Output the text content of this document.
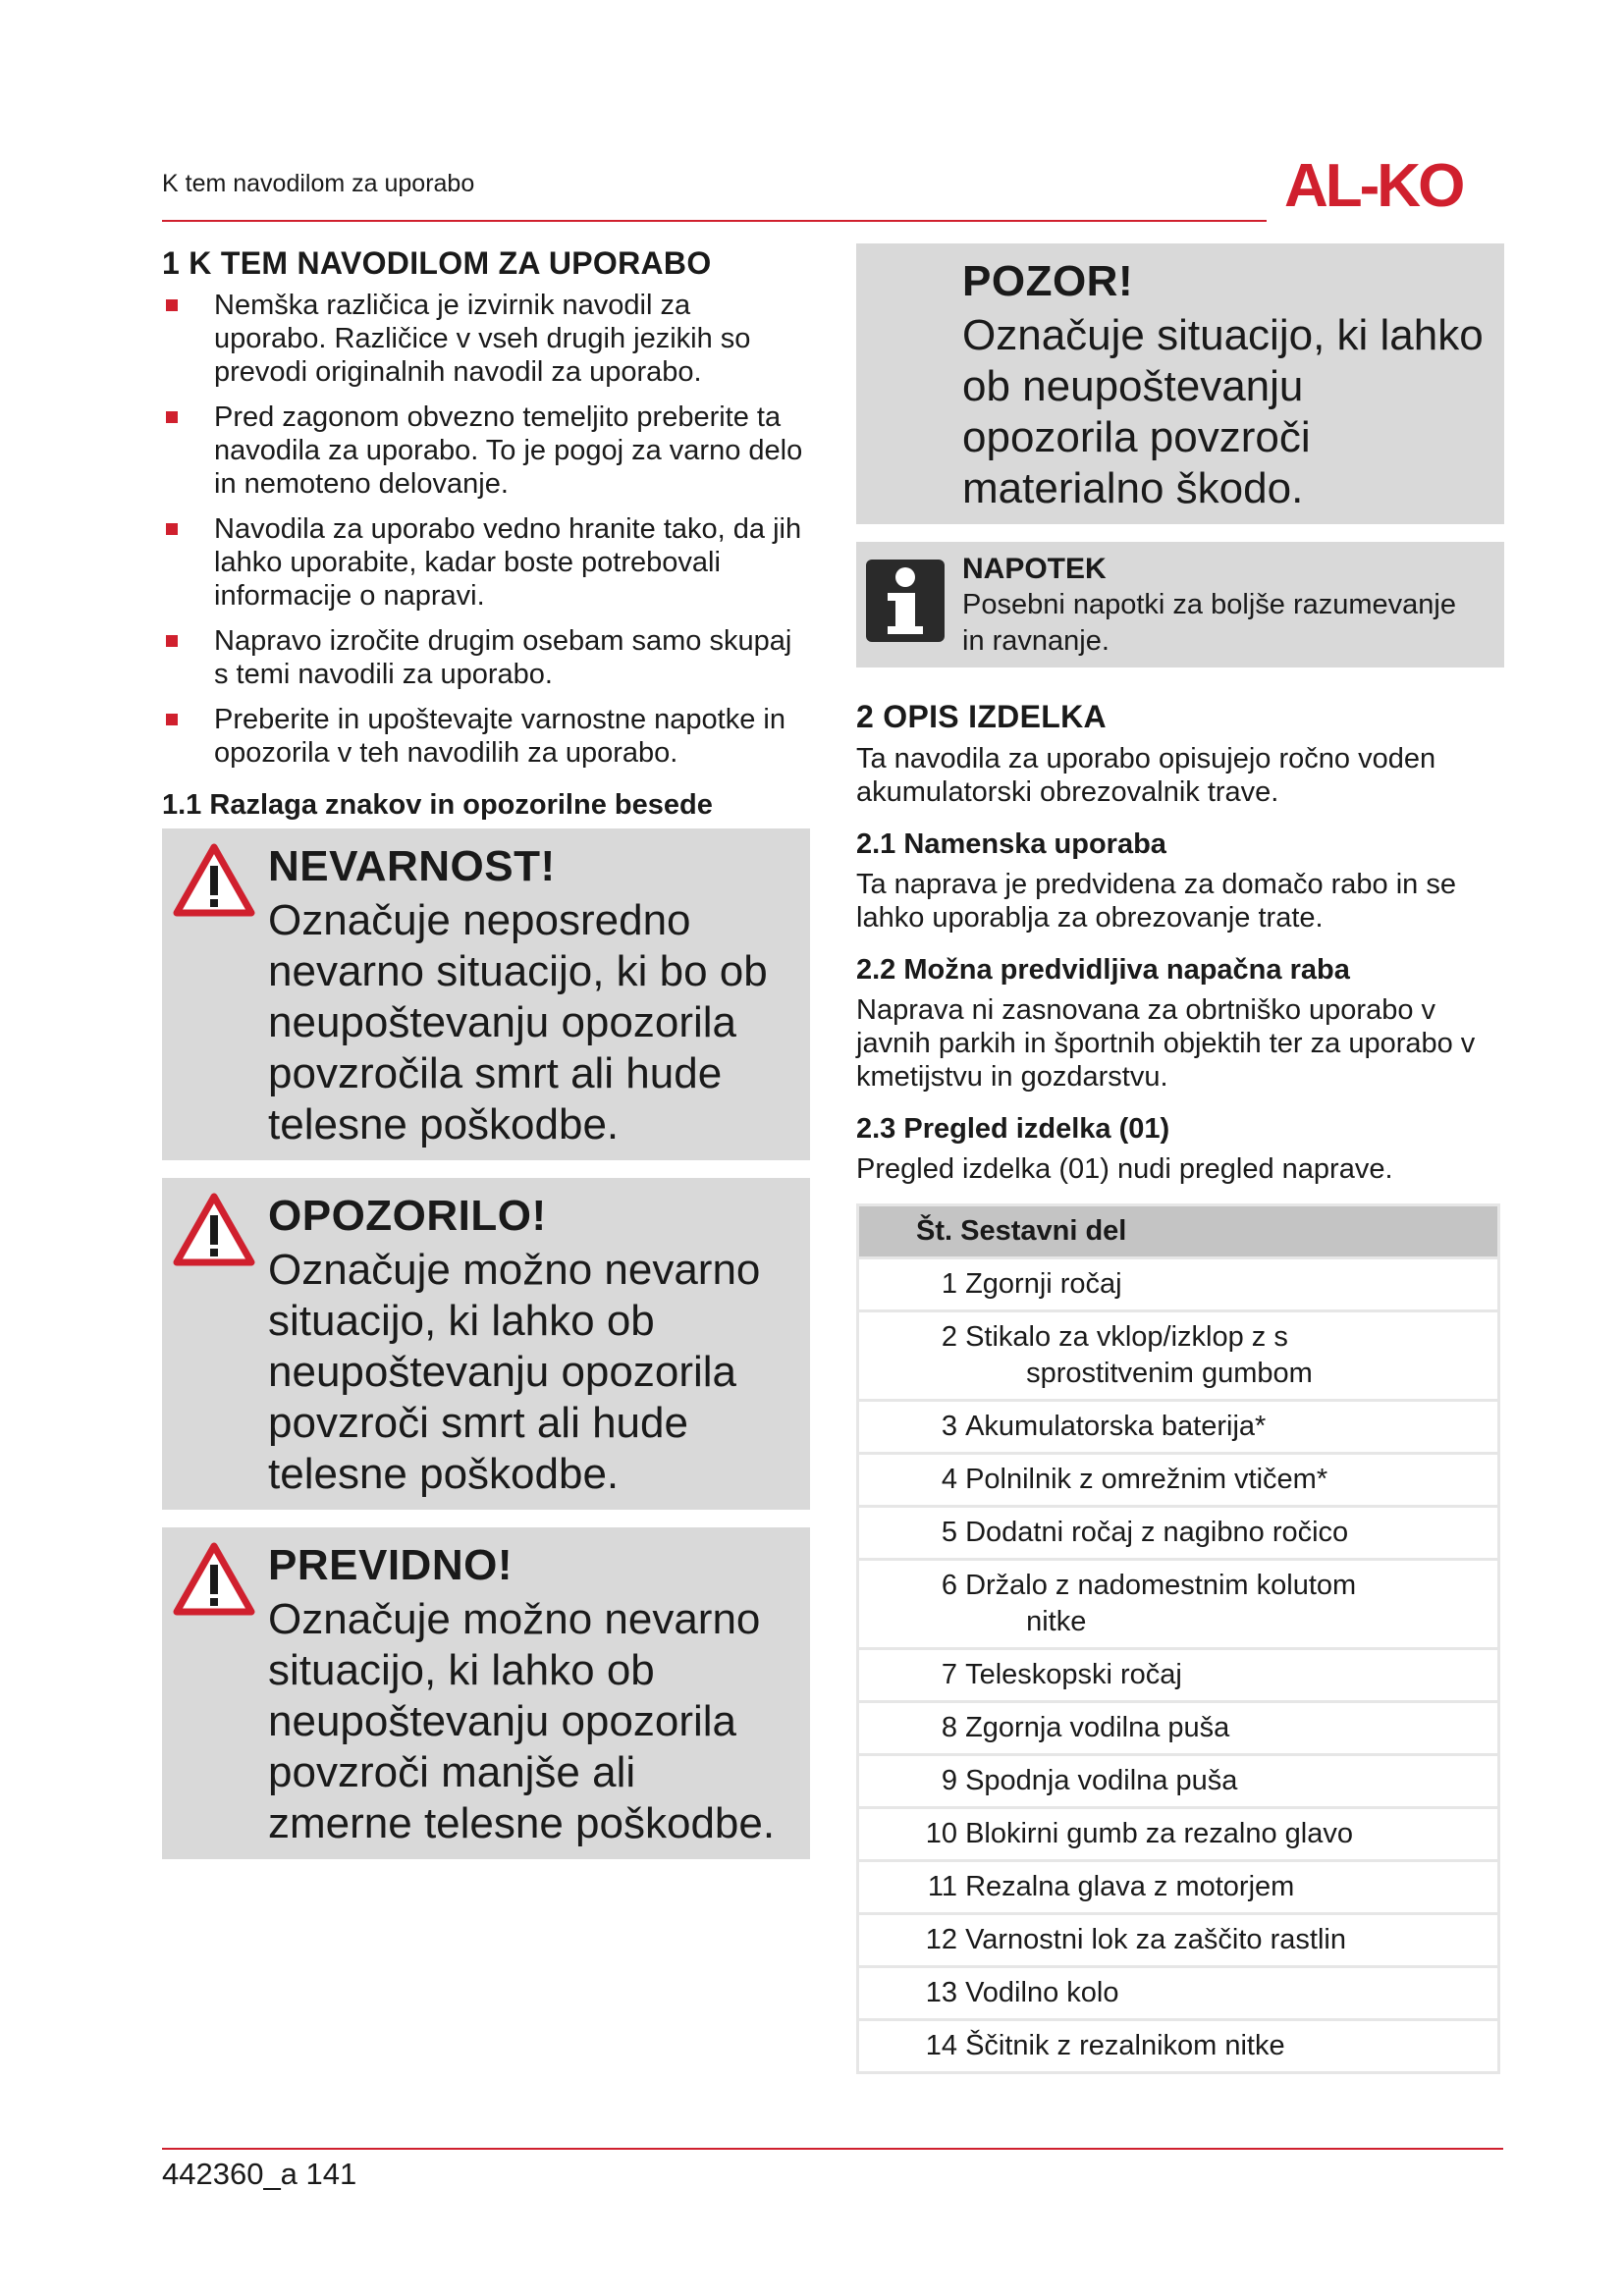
K tem navodilom za uporabo	AL-KO
1 K TEM NAVODILOM ZA UPORABO
Nemška različica je izvirnik navodil za uporabo. Različice v vseh drugih jezikih so prevodi originalnih navodil za uporabo.
Pred zagonom obvezno temeljito preberite ta navodila za uporabo. To je pogoj za varno delo in nemoteno delovanje.
Navodila za uporabo vedno hranite tako, da jih lahko uporabite, kadar boste potrebovali informacije o napravi.
Napravo izročite drugim osebam samo skupaj s temi navodili za uporabo.
Preberite in upoštevajte varnostne napotke in opozorila v teh navodilih za uporabo.
1.1 Razlaga znakov in opozorilne besede
NEVARNOST!
Označuje neposredno nevarno situacijo, ki bo ob neupoštevanju opozorila povzročila smrt ali hude telesne poškodbe.
OPOZORILO!
Označuje možno nevarno situacijo, ki lahko ob neupoštevanju opozorila povzroči smrt ali hude telesne poškodbe.
PREVIDNO!
Označuje možno nevarno situacijo, ki lahko ob neupoštevanju opozorila povzroči manjše ali zmerne telesne poškodbe.
POZOR!
Označuje situacijo, ki lahko ob neupoštevanju opozorila povzroči materialno škodo.
NAPOTEK
Posebni napotki za boljše razumevanje in ravnanje.
2 OPIS IZDELKA

Ta navodila za uporabo opisujejo ročno voden akumulatorski obrezovalnik trave.

2.1 Namenska uporaba

Ta naprava je predvidena za domačo rabo in se lahko uporablja za obrezovanje trate.

2.2 Možna predvidljiva napačna raba

Naprava ni zasnovana za obrtniško uporabo v javnih parkih in športnih objektih ter za uporabo v kmetijstvu in gozdarstvu.

2.3 Pregled izdelka (01)

Pregled izdelka (01) nudi pregled naprave.

Št. Sestavni del
1 Zgornji ročaj
2 Stikalo za vklop/izklop z s
sprostitvenim gumbom

3 Akumulatorska baterija*
4 Polnilnik z omrežnim vtičem*
5 Dodatni ročaj z nagibno ročico
6 Držalo z nadomestnim kolutom
nitke

7 Teleskopski ročaj
8 Zgornja vodilna puša
9 Spodnja vodilna puša
10 Blokirni gumb za rezalno glavo
11 Rezalna glava z motorjem
12 Varnostni lok za zaščito rastlin
13 Vodilno kolo
14 Ščitnik z rezalnikom nitke
442360_a 141
